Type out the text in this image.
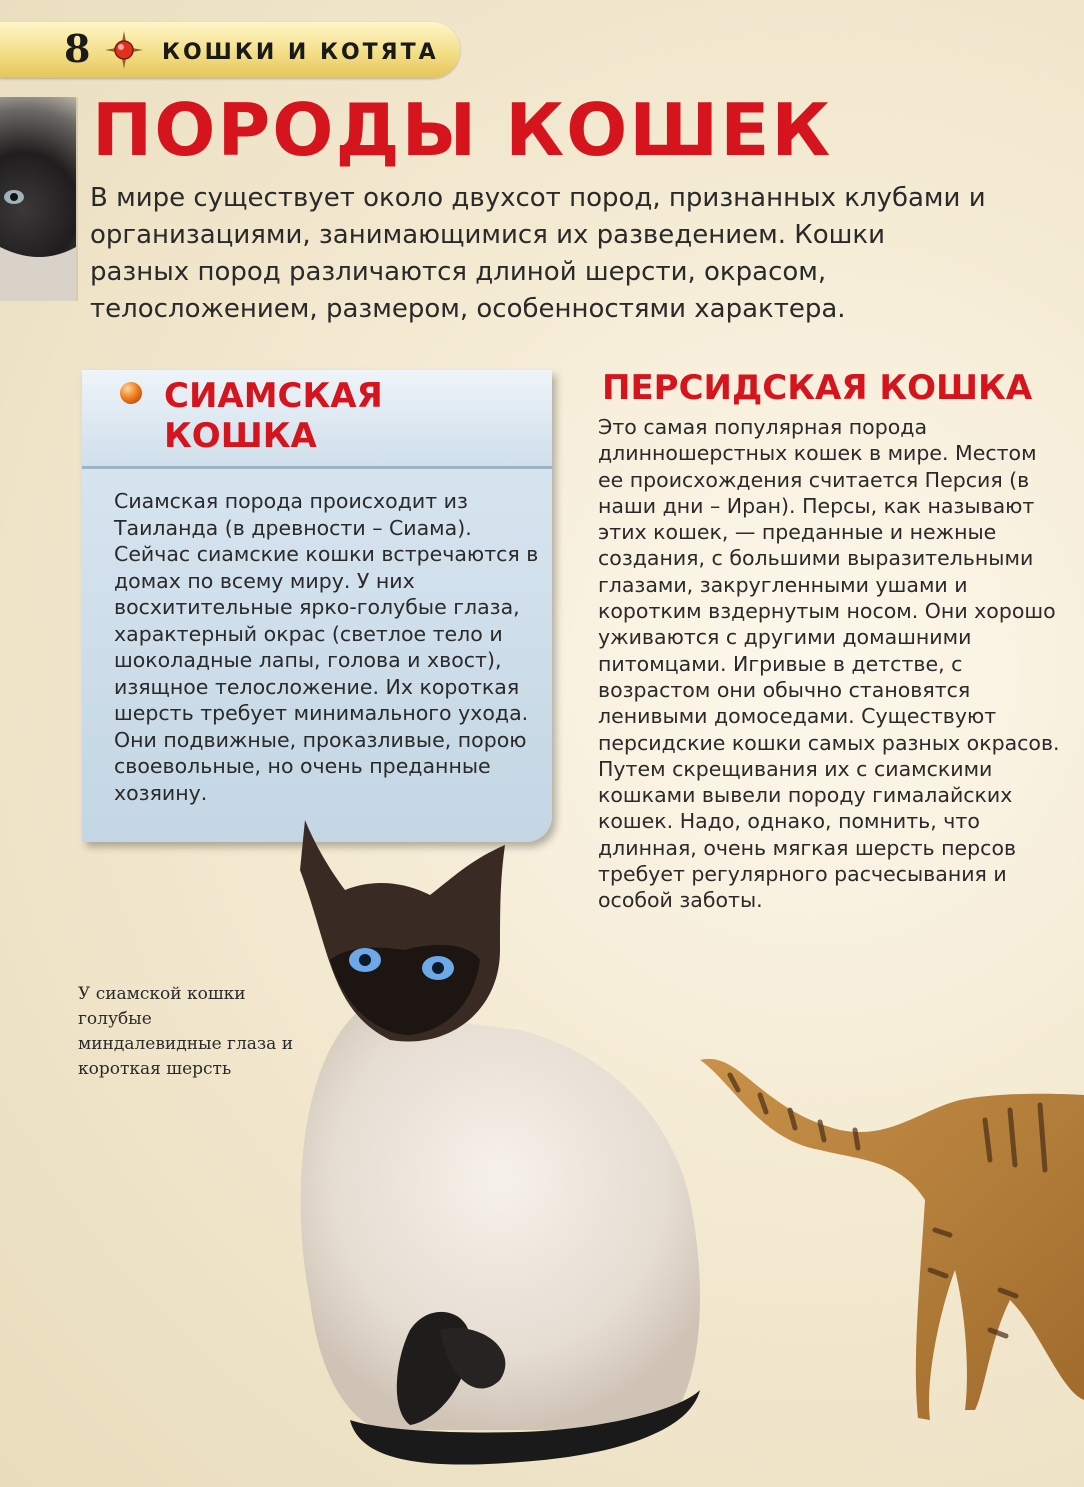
8	КОШКИ И КОТЯТА
ПОРОДЫ КОШЕК
В мире существует около двухсот пород, признанных клубами и организациями, занимающимися их разведением. Кошки разных пород различаются длиной шерсти, окрасом, телосложением, размером, особенностями характера.
СИАМСКАЯ
КОШКА
Сиамская порода происходит из Таиланда (в древности – Сиама). Сейчас сиамские кошки встречаются в домах по всему миру. У них восхитительные ярко-голубые глаза, характерный окрас (светлое тело и шоколадные лапы, голова и хвост), изящное телосложение. Их короткая шерсть требует минимального ухода. Они подвижные, проказливые, порою своевольные, но очень преданные хозяину.
ПЕРСИДСКАЯ КОШКА
Это самая популярная порода длинношерстных кошек в мире. Местом ее происхождения считается Персия (в наши дни – Иран). Персы, как называют этих кошек, — преданные и нежные создания, с большими выразительными глазами, закругленными ушами и коротким вздернутым носом. Они хорошо уживаются с другими домашними питомцами. Игривые в детстве, с возрастом они обычно становятся ленивыми домоседами. Существуют персидские кошки самых разных окрасов. Путем скрещивания их с сиамскими кошками вывели породу гималайских кошек. Надо, однако, помнить, что длинная, очень мягкая шерсть персов требует регулярного расчесывания и особой заботы.
У сиамской кошки голубые миндалевидные глаза и короткая шерсть
